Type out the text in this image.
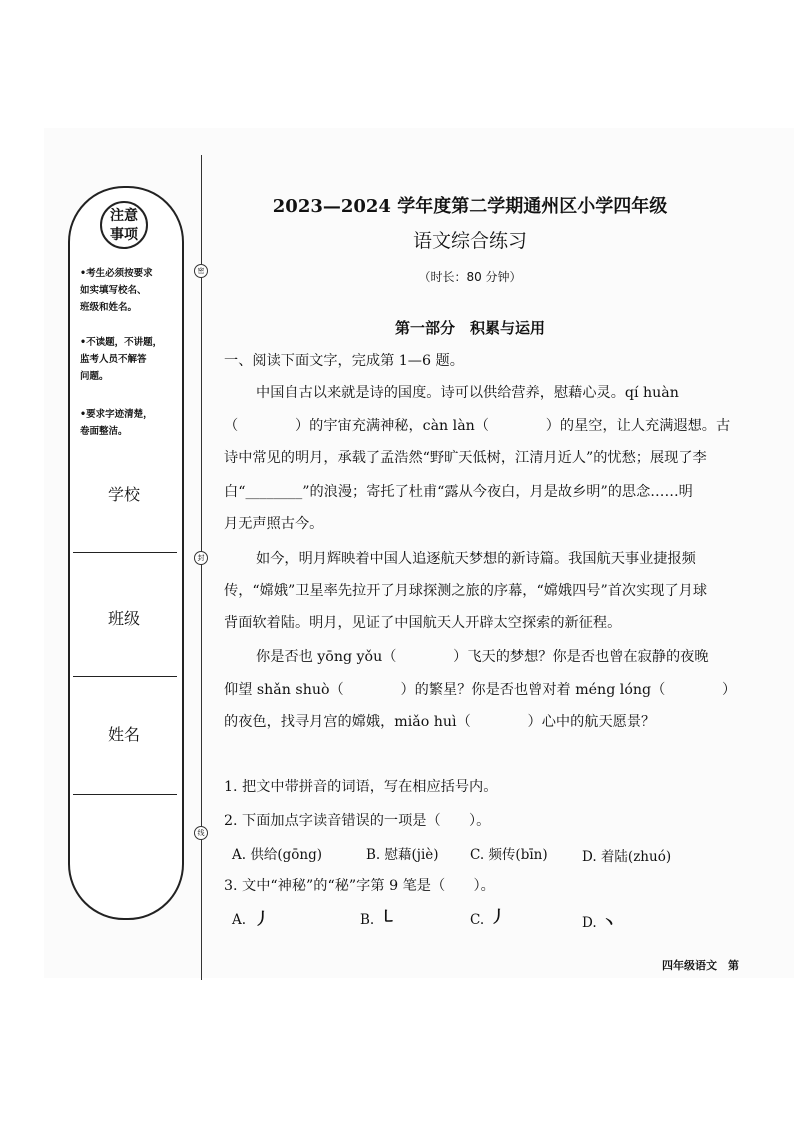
注意
事项
•考生必须按要求
如实填写校名、
班级和姓名。
•不读题，不讲题，
监考人员不解答
问题。
•要求字迹清楚，
卷面整洁。
学校
班级
姓名
密
封
线
2023—2024 学年度第二学期通州区小学四年级
语文综合练习
（时长：80 分钟）
第一部分　积累与运用
一、阅读下面文字，完成第 1—6 题。
中国自古以来就是诗的国度。诗可以供给营养，慰藉心灵。qí huàn
（　　　　）的宇宙充满神秘，càn làn（　　　　）的星空，让人充满遐想。古
诗中常见的明月，承载了孟浩然“野旷天低树，江清月近人”的忧愁；展现了李
白“________”的浪漫；寄托了杜甫“露从今夜白，月是故乡明”的思念……明
月无声照古今。
如今，明月辉映着中国人追逐航天梦想的新诗篇。我国航天事业捷报频
传，“嫦娥”卫星率先拉开了月球探测之旅的序幕，“嫦娥四号”首次实现了月球
背面软着陆。明月，见证了中国航天人开辟太空探索的新征程。
你是否也 yōng yǒu（　　　　）飞天的梦想？你是否也曾在寂静的夜晚
仰望 shǎn shuò（　　　　）的繁星？你是否也曾对着 méng lóng（　　　　）
的夜色，找寻月宫的嫦娥，miǎo huì（　　　　）心中的航天愿景？
1. 把文中带拼音的词语，写在相应括号内。
2. 下面加点字读音错误的一项是（　　）。
A. 供给(gōng)	B. 慰藉(jiè) C. 频传(bīn)	D. 着陆(zhuó)
3. 文中“神秘”的“秘”字第 9 笔是（　　）。
A. 丿	B. ㇄	C. 丿	D. 丶
四年级语文　第
